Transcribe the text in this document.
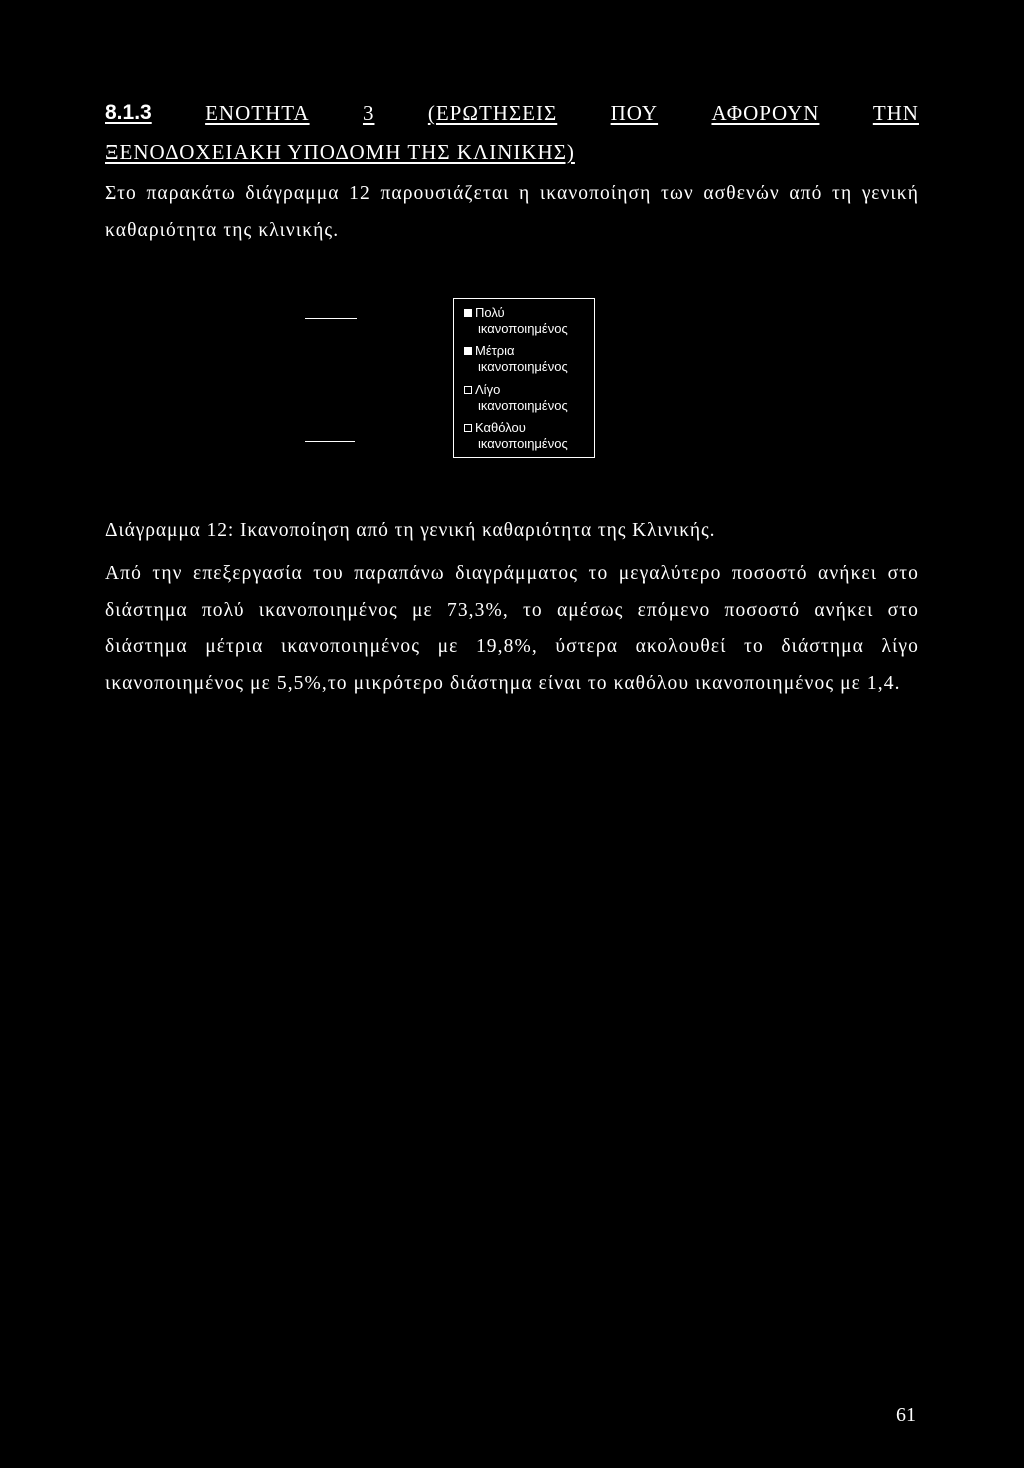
8.1.3	ΕΝΟΤΗΤΑ	3	(ΕΡΩΤΗΣΕΙΣ	ΠΟΥ	ΑΦΟΡΟΥΝ	ΤΗΝ
ΞΕΝΟΔΟΧΕΙΑΚΗ ΥΠΟΔΟΜΗ ΤΗΣ ΚΛΙΝΙΚΗΣ)

Στο παρακάτω διάγραμμα 12 παρουσιάζεται η ικανοποίηση των ασθενών από τη γενική καθαριότητα της κλινικής.

Πολύ
ικανοποιημένος
Μέτρια
ικανοποιημένος
Λίγο
ικανοποιημένος
Καθόλου
ικανοποιημένος
Διάγραμμα 12: Ικανοποίηση από τη γενική καθαριότητα της Κλινικής.

Από την επεξεργασία του παραπάνω διαγράμματος το μεγαλύτερο ποσοστό ανήκει στο διάστημα πολύ ικανοποιημένος με 73,3%, το αμέσως επόμενο ποσοστό ανήκει στο διάστημα μέτρια ικανοποιημένος με 19,8%, ύστερα ακολουθεί το διάστημα λίγο ικανοποιημένος με 5,5%,το μικρότερο διάστημα είναι το καθόλου ικανοποιημένος με 1,4.

61
